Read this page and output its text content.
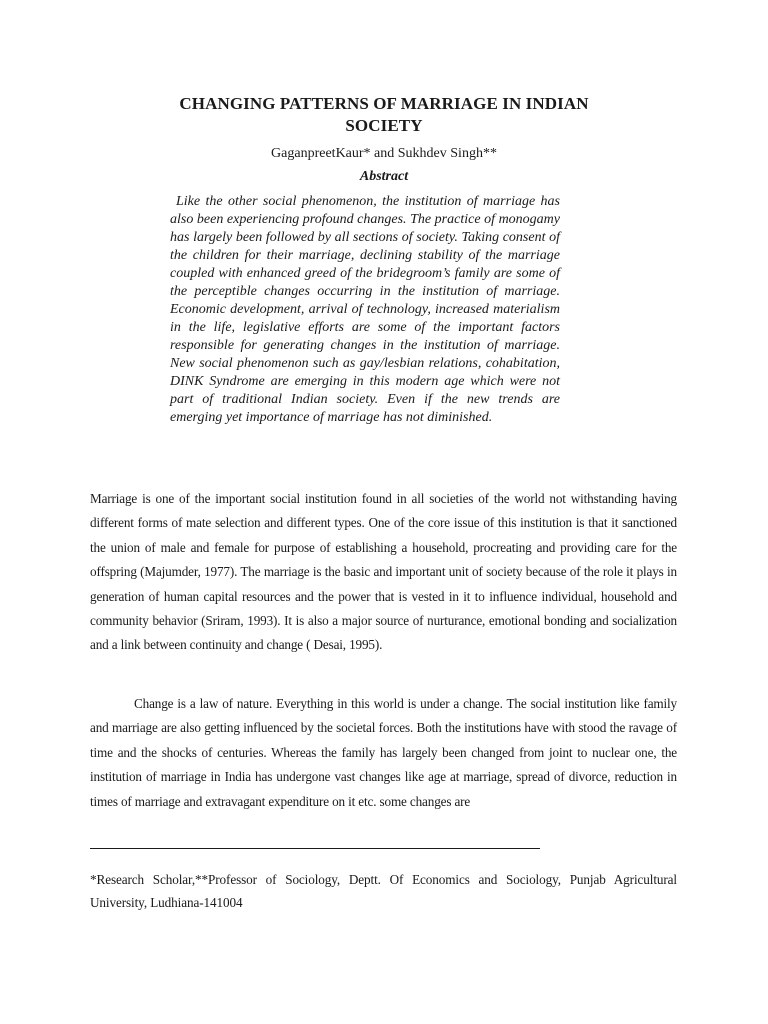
CHANGING PATTERNS OF MARRIAGE IN INDIAN SOCIETY
GaganpreetKaur* and Sukhdev Singh**
Abstract

Like the other social phenomenon, the institution of marriage has also been experiencing profound changes. The practice of monogamy has largely been followed by all sections of society. Taking consent of the children for their marriage, declining stability of the marriage coupled with enhanced greed of the bridegroom’s family are some of the perceptible changes occurring in the institution of marriage. Economic development, arrival of technology, increased materialism in the life, legislative efforts are some of the important factors responsible for generating changes in the institution of marriage. New social phenomenon such as gay/lesbian relations, cohabitation, DINK Syndrome are emerging in this modern age which were not part of traditional Indian society. Even if the new trends are emerging yet importance of marriage has not diminished.

Marriage is one of the important social institution found in all societies of the world not withstanding having different forms of mate selection and different types. One of the core issue of this institution is that it sanctioned the union of male and female for purpose of establishing a household, procreating and providing care for the offspring (Majumder, 1977). The marriage is the basic and important unit of society because of the role it plays in generation of human capital resources and the power that is vested in it to influence individual, household and community behavior (Sriram, 1993). It is also a major source of nurturance, emotional bonding and socialization and a link between continuity and change ( Desai, 1995).

Change is a law of nature. Everything in this world is under a change. The social institution like family and marriage are also getting influenced by the societal forces. Both the institutions have with stood the ravage of time and the shocks of centuries. Whereas the family has largely been changed from joint to nuclear one, the institution of marriage in India has undergone vast changes like age at marriage, spread of divorce, reduction in times of marriage and extravagant expenditure on it etc. some changes are

*Research Scholar,**Professor of Sociology, Deptt. Of Economics and Sociology, Punjab Agricultural University, Ludhiana-141004
